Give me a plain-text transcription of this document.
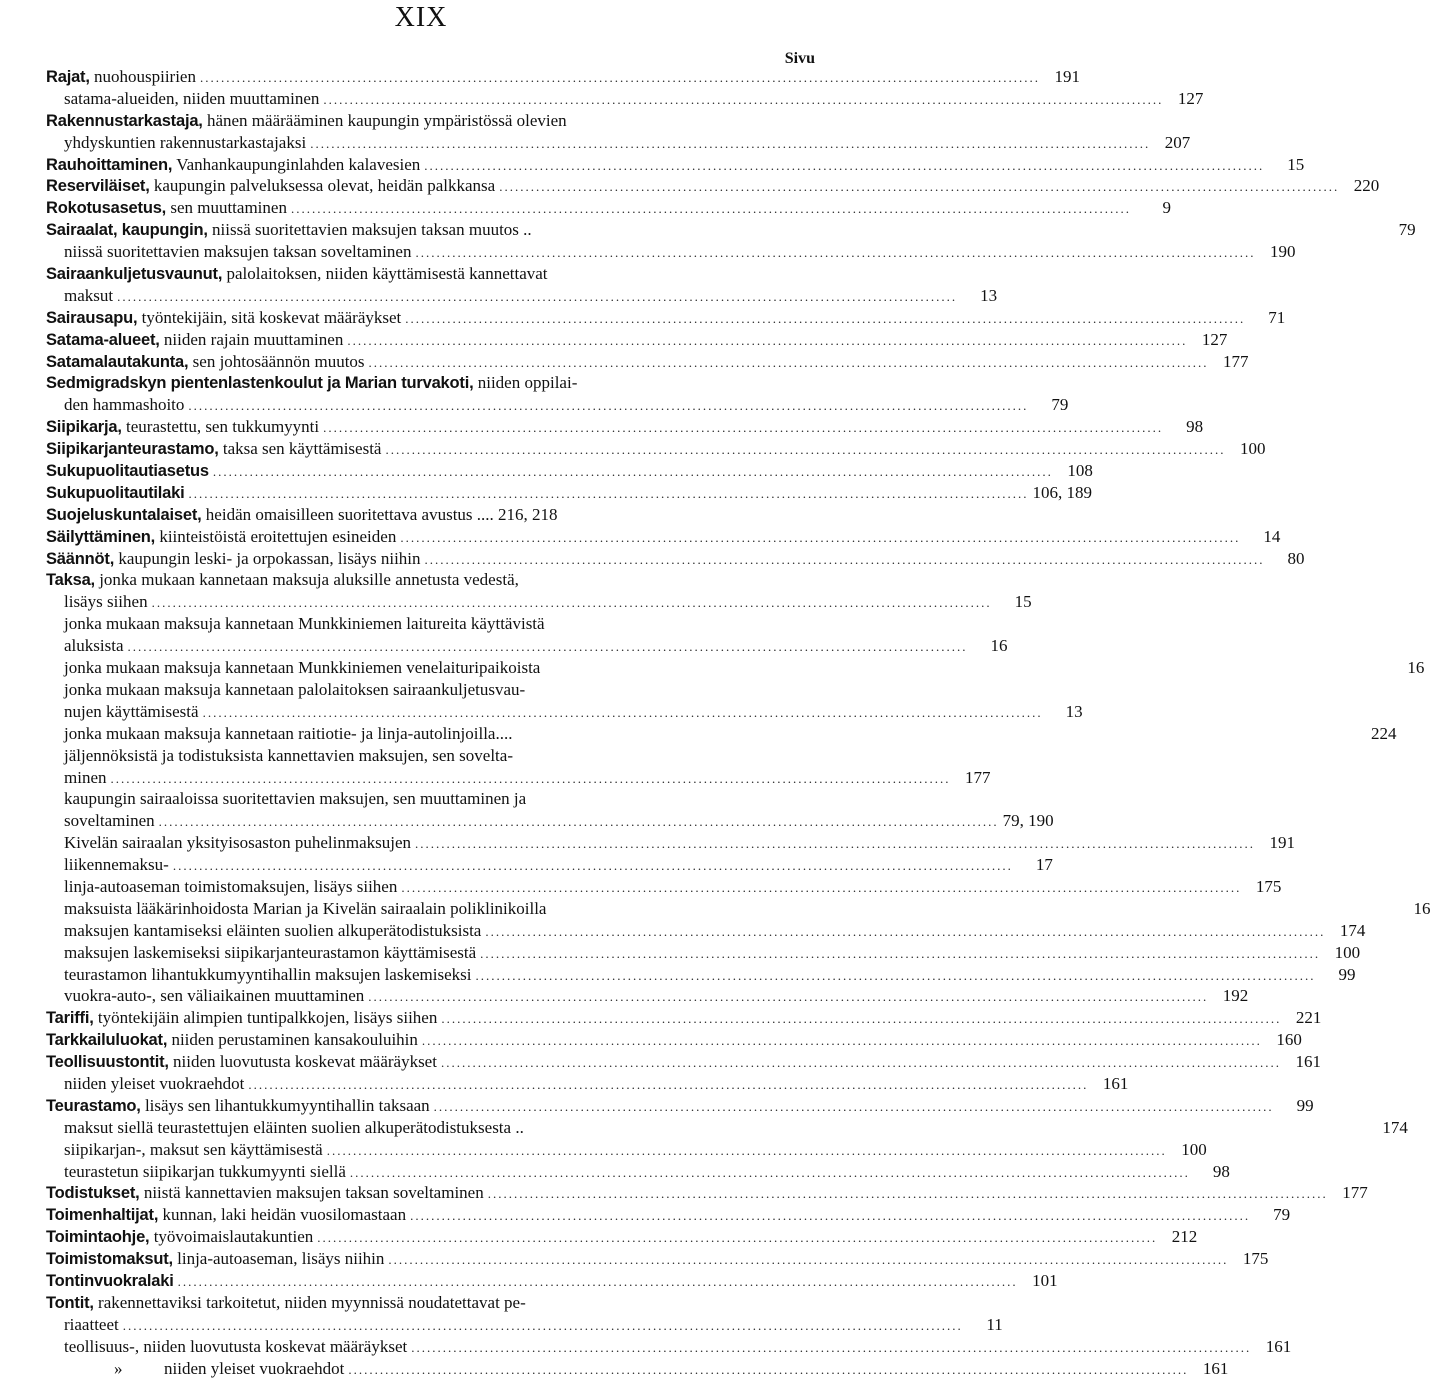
XIX
Sivu
Rajat, nuohouspiirien .....	191
satama-alueiden, niiden muuttaminen .....	127
Rakennustarkastaja, hänen määrääminen kaupungin ympäristössä olevien
yhdyskuntien rakennustarkastajaksi .....	207
Rauhoittaminen, Vanhankaupunginlahden kalavesien .....	15
Reserviläiset, kaupungin palveluksessa olevat, heidän palkkansa .....	220
Rokotusasetus, sen muuttaminen .....	9
Sairaalat, kaupungin, niissä suoritettavien maksujen taksan muutos ..	79
niissä suoritettavien maksujen taksan soveltaminen .....	190
Sairaankuljetusvaunut, palolaitoksen, niiden käyttämisestä kannettavat
maksut .....	13
Sairausapu, työntekijäin, sitä koskevat määräykset .....	71
Satama-alueet, niiden rajain muuttaminen .....	127
Satamalautakunta, sen johtosäännön muutos .....	177
Sedmigradskyn pientenlastenkoulut ja Marian turvakoti, niiden oppilai-
den hammashoito .....	79
Siipikarja, teurastettu, sen tukkumyynti .....	98
Siipikarjanteurastamo, taksa sen käyttämisestä .....	100
Sukupuolitautiasetus .....	108
Sukupuolitautilaki .....	106, 189
Suojeluskuntalaiset, heidän omaisilleen suoritettava avustus .... 216, 218
Säilyttäminen, kiinteistöistä eroitettujen esineiden .....	14
Säännöt, kaupungin leski- ja orpokassan, lisäys niihin .....	80
Taksa, jonka mukaan kannetaan maksuja aluksille annetusta vedestä,
lisäys siihen .....	15
jonka mukaan maksuja kannetaan Munkkiniemen laitureita käyttävistä
aluksista .....	16
jonka mukaan maksuja kannetaan Munkkiniemen venelaituripaikoista	16
jonka mukaan maksuja kannetaan palolaitoksen sairaankuljetusvau-
nujen käyttämisestä .....	13
jonka mukaan maksuja kannetaan raitiotie- ja linja-autolinjoilla....	224
jäljennöksistä ja todistuksista kannettavien maksujen, sen sovelta-
minen .....	177
kaupungin sairaaloissa suoritettavien maksujen, sen muuttaminen ja
soveltaminen .....	79, 190
Kivelän sairaalan yksityisosaston puhelinmaksujen .....	191
liikennemaksu- .....	17
linja-autoaseman toimistomaksujen, lisäys siihen .....	175
maksuista lääkärinhoidosta Marian ja Kivelän sairaalain poliklinikoilla	16
maksujen kantamiseksi eläinten suolien alkuperätodistuksista .....	174
maksujen laskemiseksi siipikarjanteurastamon käyttämisestä .....	100
teurastamon lihantukkumyyntihallin maksujen laskemiseksi .....	99
vuokra-auto-, sen väliaikainen muuttaminen .....	192
Tariffi, työntekijäin alimpien tuntipalkkojen, lisäys siihen .....	221
Tarkkailuluokat, niiden perustaminen kansakouluihin .....	160
Teollisuustontit, niiden luovutusta koskevat määräykset .....	161
niiden yleiset vuokraehdot .....	161
Teurastamo, lisäys sen lihantukkumyyntihallin taksaan .....	99
maksut siellä teurastettujen eläinten suolien alkuperätodistuksesta ..	174
siipikarjan-, maksut sen käyttämisestä .....	100
teurastetun siipikarjan tukkumyynti siellä .....	98
Todistukset, niistä kannettavien maksujen taksan soveltaminen .....	177
Toimenhaltijat, kunnan, laki heidän vuosilomastaan .....	79
Toimintaohje, työvoimaislautakuntien .....	212
Toimistomaksut, linja-autoaseman, lisäys niihin .....	175
Tontinvuokralaki .....	101
Tontit, rakennettaviksi tarkoitetut, niiden myynnissä noudatettavat pe-
riaatteet .....	11
teollisuus-, niiden luovutusta koskevat määräykset .....	161
» niiden yleiset vuokraehdot .....	161
